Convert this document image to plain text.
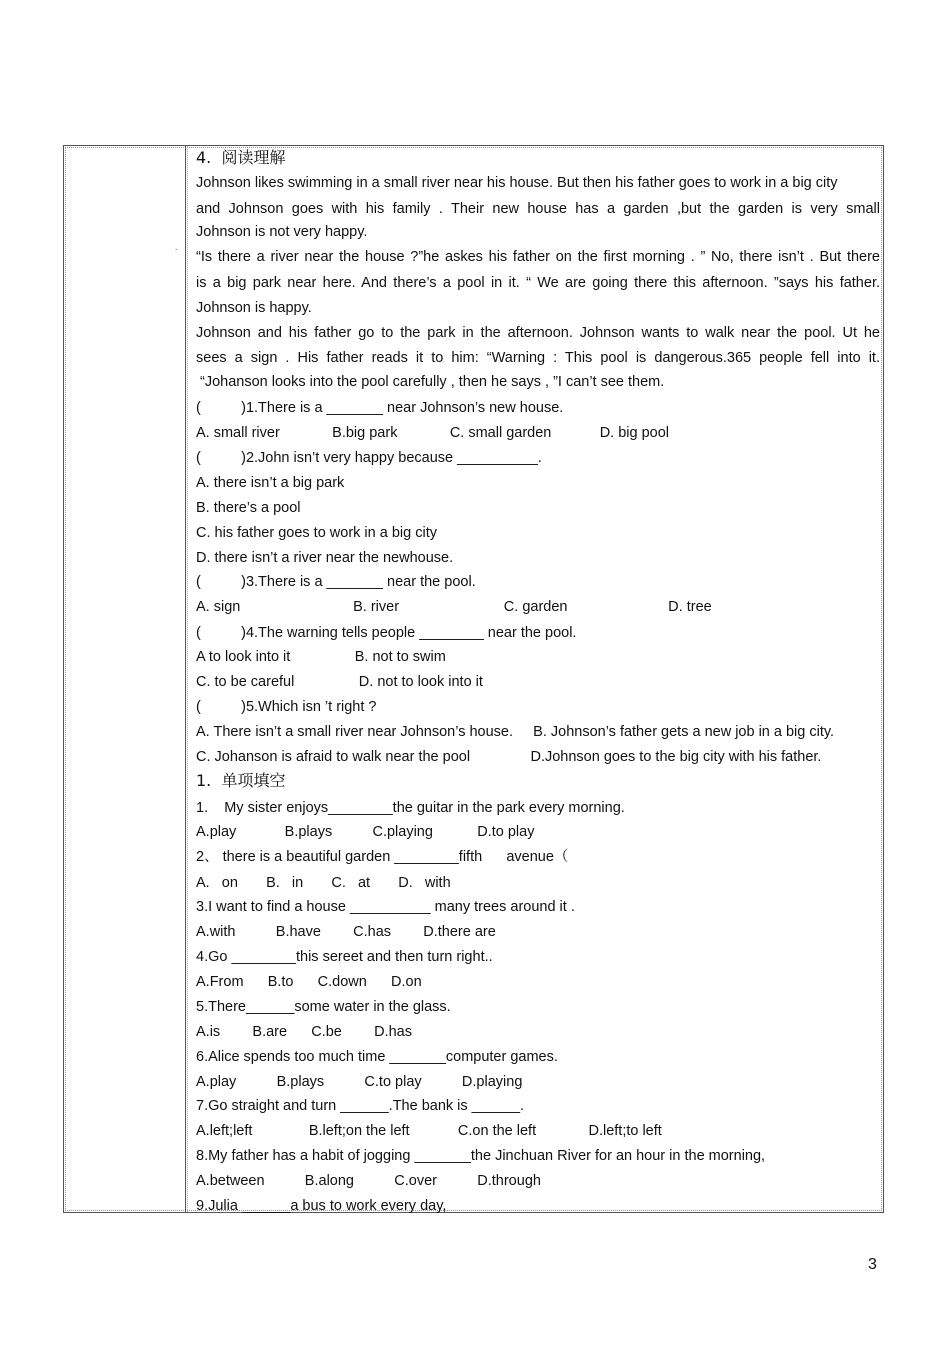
-
4.  阅读理解
Johnson likes swimming in a small river near his house. But then his father goes to work in a big city
and Johnson goes with his family . Their new house has a garden ,but the garden is very small
Johnson is not very happy.
“Is there a river near the house ?”he askes his father on the first morning . ” No, there isn’t . But there
is a big park near here. And there’s a pool in it. “ We are going there this afternoon. ”says his father.
Johnson is happy.
Johnson and his father go to the park in the afternoon. Johnson wants to walk near the pool. Ut he
sees a sign . His father reads it to him: “Warning : This pool is dangerous.365 people fell into it.
“Johanson looks into the pool carefully , then he says , ”I can’t see them.
(          )1.There is a _______ near Johnson’s new house.
A. small river             B.big park             C. small garden            D. big pool
(          )2.John isn’t very happy because __________.
A. there isn’t a big park
B. there’s a pool
C. his father goes to work in a big city
D. there isn’t a river near the newhouse.
(          )3.There is a _______ near the pool.
A. sign                            B. river                          C. garden                         D. tree
(          )4.The warning tells people ________ near the pool.
A to look into it                B. not to swim
C. to be careful                D. not to look into it
(          )5.Which isn ’t right ?
A. There isn’t a small river near Johnson’s house.     B. Johnson’s father gets a new job in a big city.
C. Johanson is afraid to walk near the pool               D.Johnson goes to the big city with his father.
1.  单项填空
1.    My sister enjoys________the guitar in the park every morning.
A.play            B.plays          C.playing           D.to play
2、 there is a beautiful garden ________fifth      avenue（
A.   on       B.   in       C.   at       D.   with
3.I want to find a house __________ many trees around it .
A.with          B.have        C.has        D.there are
4.Go ________this sereet and then turn right..
A.From      B.to      C.down      D.on
5.There______some water in the glass.
A.is        B.are      C.be        D.has
6.Alice spends too much time _______computer games.
A.play          B.plays          C.to play          D.playing
7.Go straight and turn ______.The bank is ______.
A.left;left              B.left;on the left            C.on the left             D.left;to left
8.My father has a habit of jogging _______the Jinchuan River for an hour in the morning,
A.between          B.along          C.over          D.through
9.Julia ______a bus to work every day,
3
